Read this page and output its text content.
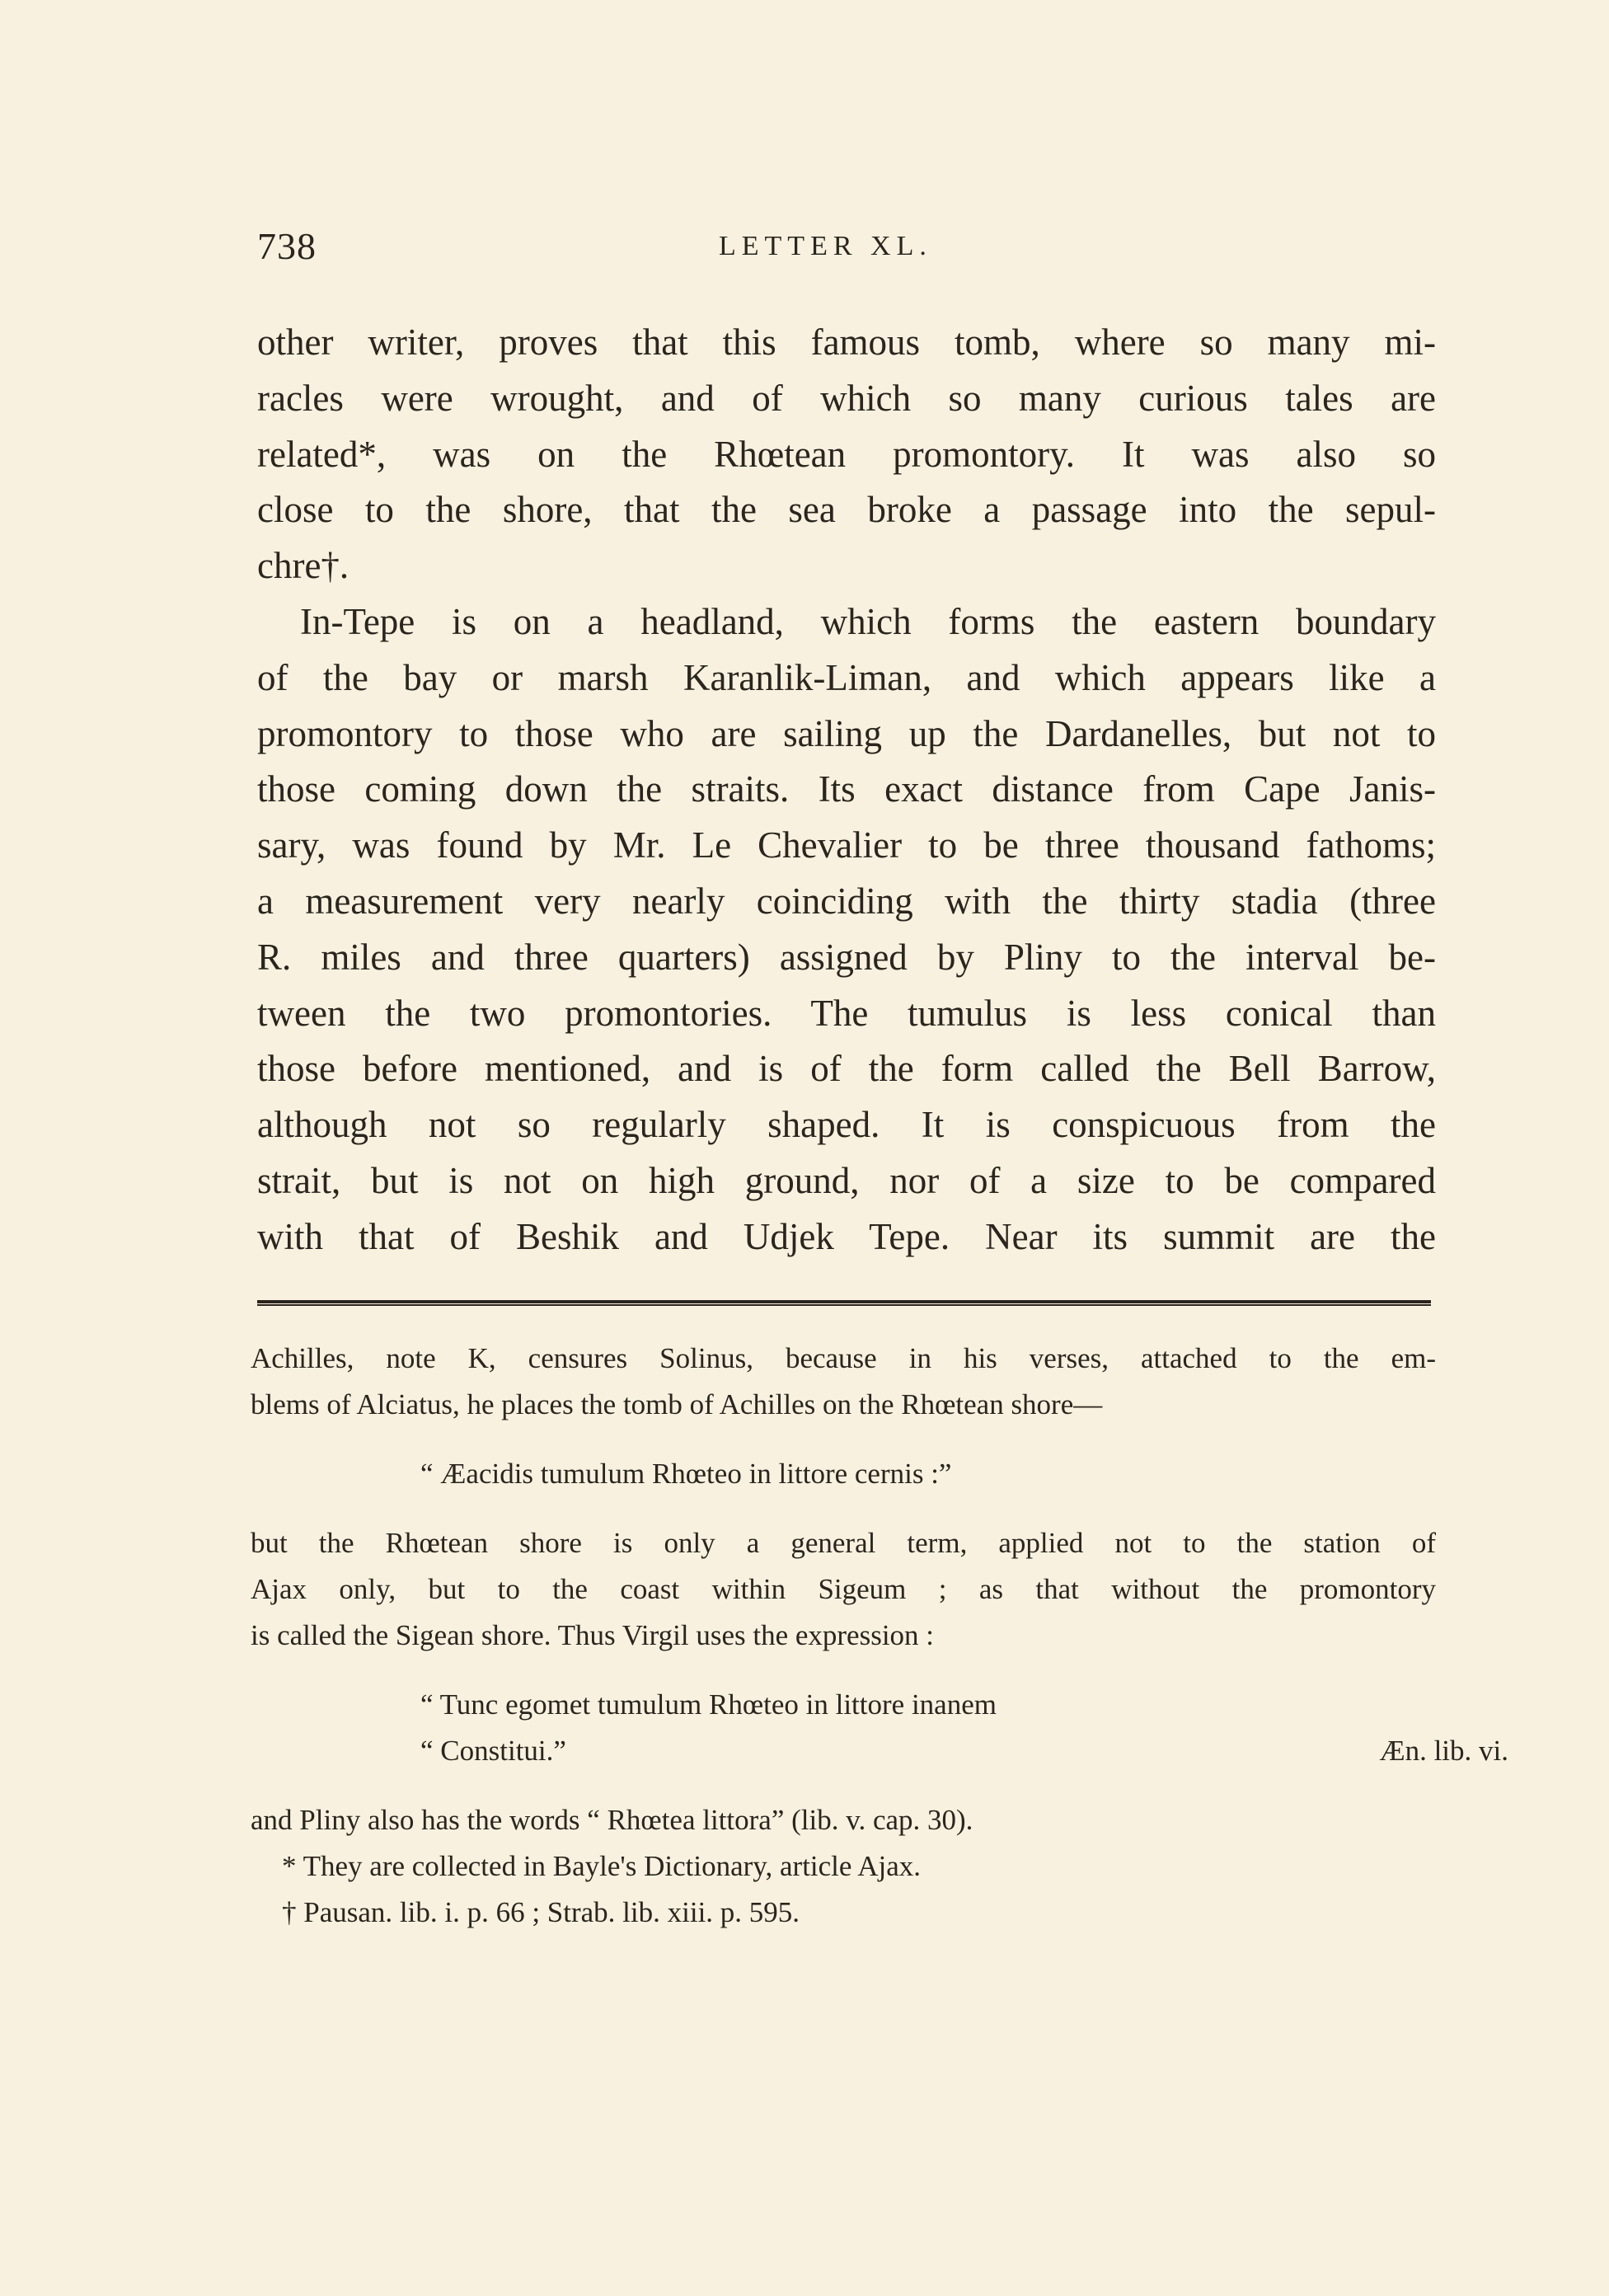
738	LETTER XL.
other writer, proves that this famous tomb, where so many mi-
racles were wrought, and of which so many curious tales are
related*, was on the Rhœtean promontory. It was also so
close to the shore, that the sea broke a passage into the sepul-
chre†.
In-Tepe is on a headland, which forms the eastern boundary
of the bay or marsh Karanlik-Liman, and which appears like a
promontory to those who are sailing up the Dardanelles, but not to
those coming down the straits. Its exact distance from Cape Janis-
sary, was found by Mr. Le Chevalier to be three thousand fathoms;
a measurement very nearly coinciding with the thirty stadia (three
R. miles and three quarters) assigned by Pliny to the interval be-
tween the two promontories. The tumulus is less conical than
those before mentioned, and is of the form called the Bell Barrow,
although not so regularly shaped. It is conspicuous from the
strait, but is not on high ground, nor of a size to be compared
with that of Beshik and Udjek Tepe. Near its summit are the
Achilles, note K, censures Solinus, because in his verses, attached to the em-
blems of Alciatus, he places the tomb of Achilles on the Rhœtean shore—
“ Æacidis tumulum Rhœteo in littore cernis :”
but the Rhœtean shore is only a general term, applied not to the station of
Ajax only, but to the coast within Sigeum ; as that without the promontory
is called the Sigean shore. Thus Virgil uses the expression :
“ Tunc egomet tumulum Rhœteo in littore inanem
“ Constitui.”	Æn. lib. vi.
and Pliny also has the words “ Rhœtea littora” (lib. v. cap. 30).
* They are collected in Bayle's Dictionary, article Ajax.
† Pausan. lib. i. p. 66 ; Strab. lib. xiii. p. 595.
